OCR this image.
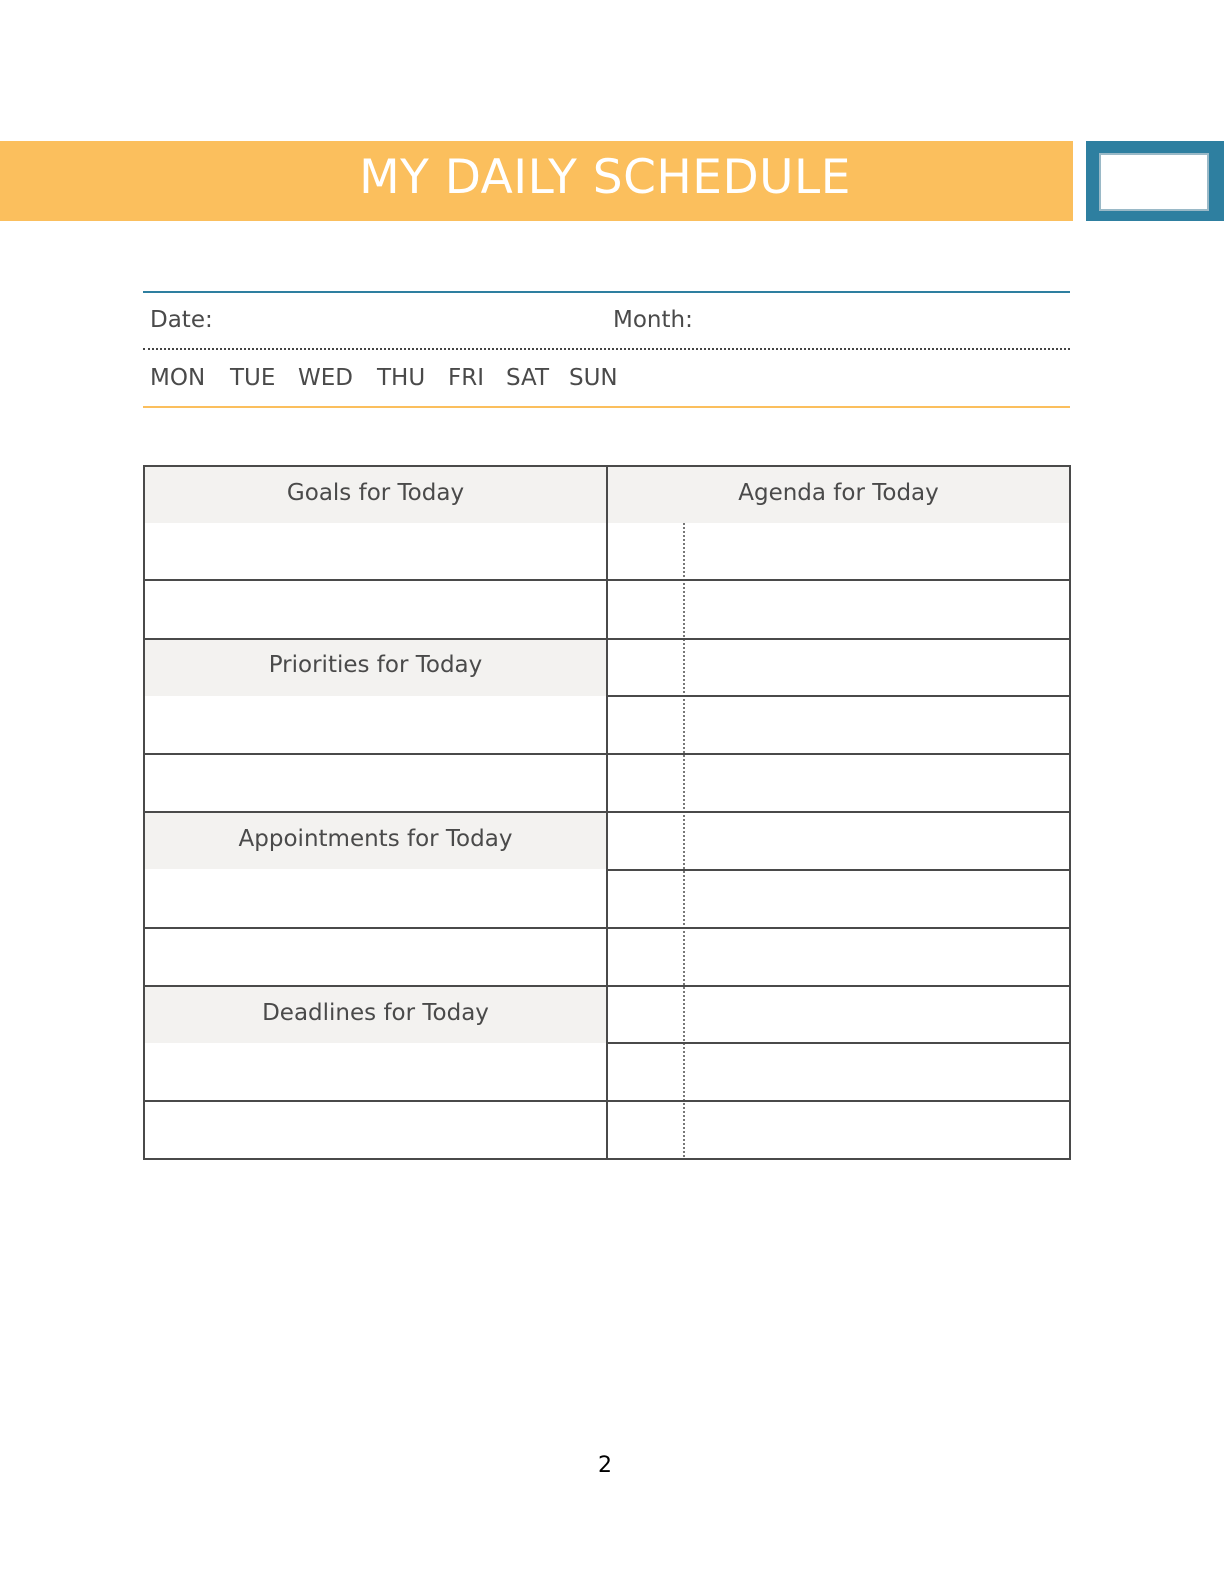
MY DAILY SCHEDULE
Date:	Month:
MON TUE WED THU FRI SAT SUN
Goals for Today	Agenda for Today
Priorities for Today
Appointments for Today
Deadlines for Today
2
